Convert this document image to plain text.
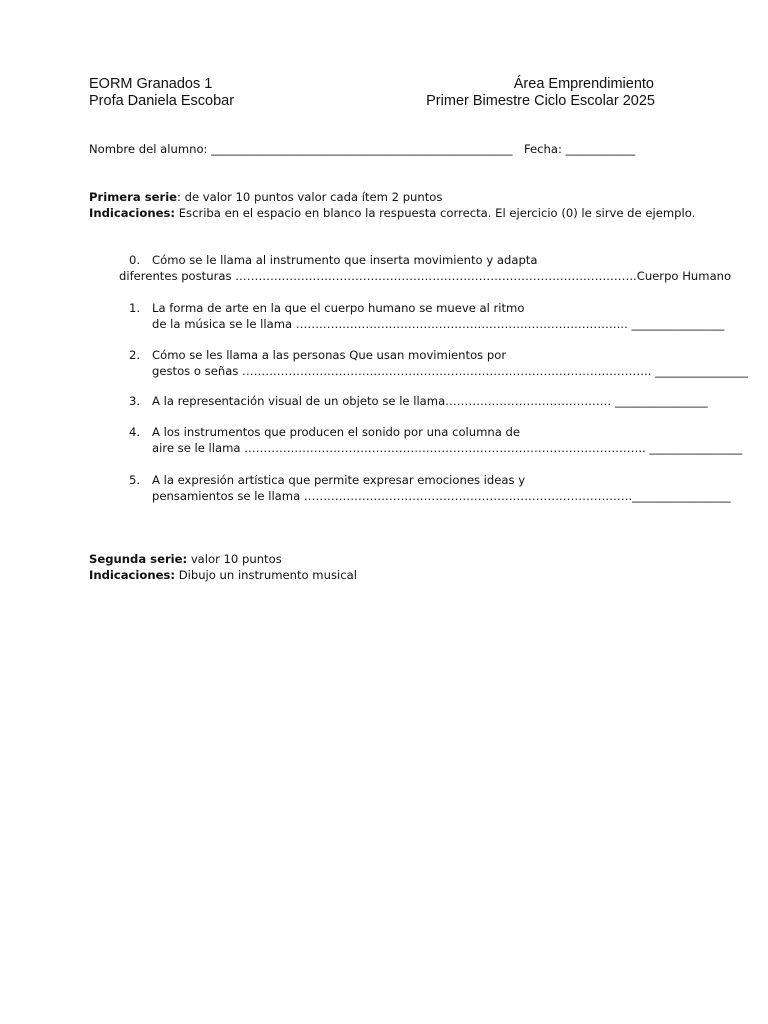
EORM Granados 1
Profa Daniela Escobar
Área Emprendimiento
Primer Bimestre Ciclo Escolar 2025
Nombre del alumno: ____________________________________________________ Fecha: ____________
Primera serie: de valor 10 puntos valor cada ítem 2 puntos
Indicaciones: Escriba en el espacio en blanco la respuesta correcta. El ejercicio (0) le sirve de ejemplo.
0. Cómo se le llama al instrumento que inserta movimiento y adapta
diferentes posturas …………………………………………………………………………………………..Cuerpo Humano
1. La forma de arte en la que el cuerpo humano se mueve al ritmo
de la música se le llama ………………………………………………………………………….. ________________
2. Cómo se les llama a las personas Que usan movimientos por
gestos o señas ……………………………………………………………………………………………. ________________
3. A la representación visual de un objeto se le llama……………………………………. ________________
4. A los instrumentos que producen el sonido por una columna de
aire se le llama ………………………………………………………………………………………….. ________________
5. A la expresión artística que permite expresar emociones ideas y
pensamientos se le llama …………………………………………………………………………._________________
Segunda serie: valor 10 puntos
Indicaciones: Dibujo un instrumento musical
